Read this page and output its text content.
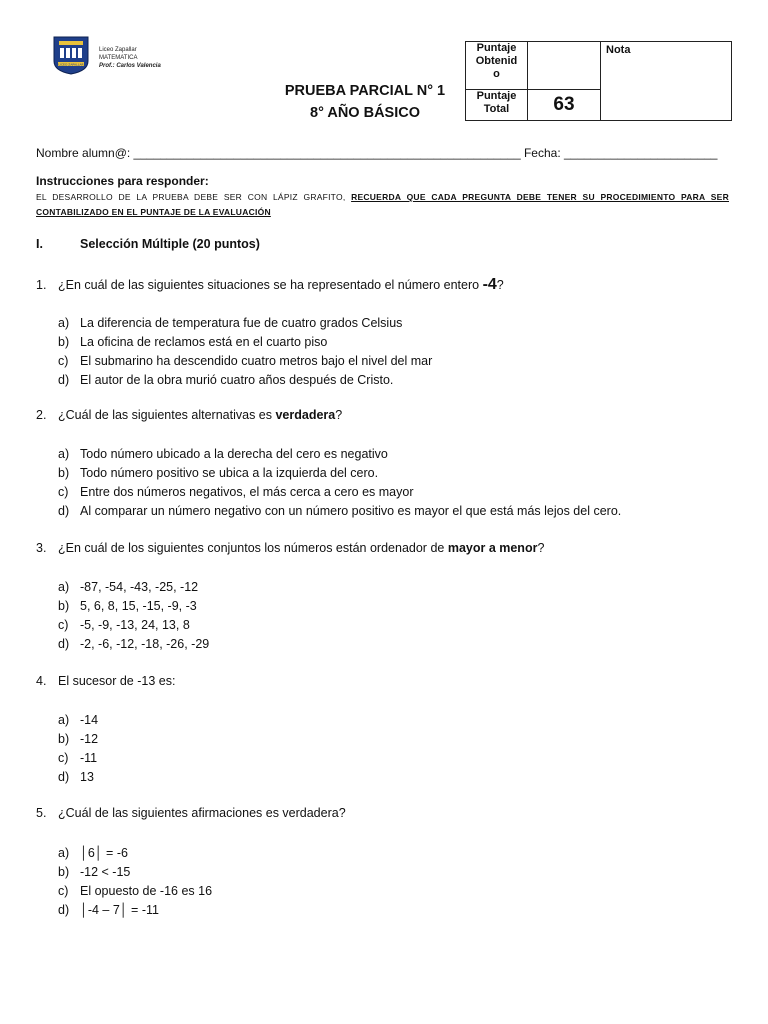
LICEO ZAPALLAR
Liceo Zapallar
MATEMATICA
Prof.: Carlos Valencia
PRUEBA PARCIAL N° 1
8° AÑO BÁSICO
Puntaje
Obtenid
o		Nota

Puntaje
Total	63	
Nombre alumn@: __________________________________________________________ Fecha: _______________________
Instrucciones para responder:
EL DESARROLLO DE LA PRUEBA DEBE SER CON LÁPIZ GRAFITO, RECUERDA QUE CADA PREGUNTA DEBE TENER SU PROCEDIMIENTO PARA SER CONTABILIZADO EN EL PUNTAJE DE LA EVALUACIÓN
I.	Selección Múltiple (20 puntos)
1. ¿En cuál de las siguientes situaciones se ha representado el número entero -4?
a) La diferencia de temperatura fue de cuatro grados Celsius
b) La oficina de reclamos está en el cuarto piso
c) El submarino ha descendido cuatro metros bajo el nivel del mar
d) El autor de la obra murió cuatro años después de Cristo.
2. ¿Cuál de las siguientes alternativas es verdadera?
a) Todo número ubicado a la derecha del cero es negativo
b) Todo número positivo se ubica a la izquierda del cero.
c) Entre dos números negativos, el más cerca a cero es mayor
d) Al comparar un número negativo con un número positivo es mayor el que está más lejos del cero.
3. ¿En cuál de los siguientes conjuntos los números están ordenador de mayor a menor?
a) -87, -54, -43, -25, -12
b) 5, 6, 8, 15, -15, -9, -3
c) -5, -9, -13, 24, 13, 8
d) -2, -6, -12, -18, -26, -29
4. El sucesor de -13 es:
a) -14
b) -12
c) -11
d) 13
5. ¿Cuál de las siguientes afirmaciones es verdadera?
a) │6│ = -6
b) -12 < -15
c) El opuesto de -16 es 16
d) │-4 – 7│ = -11
